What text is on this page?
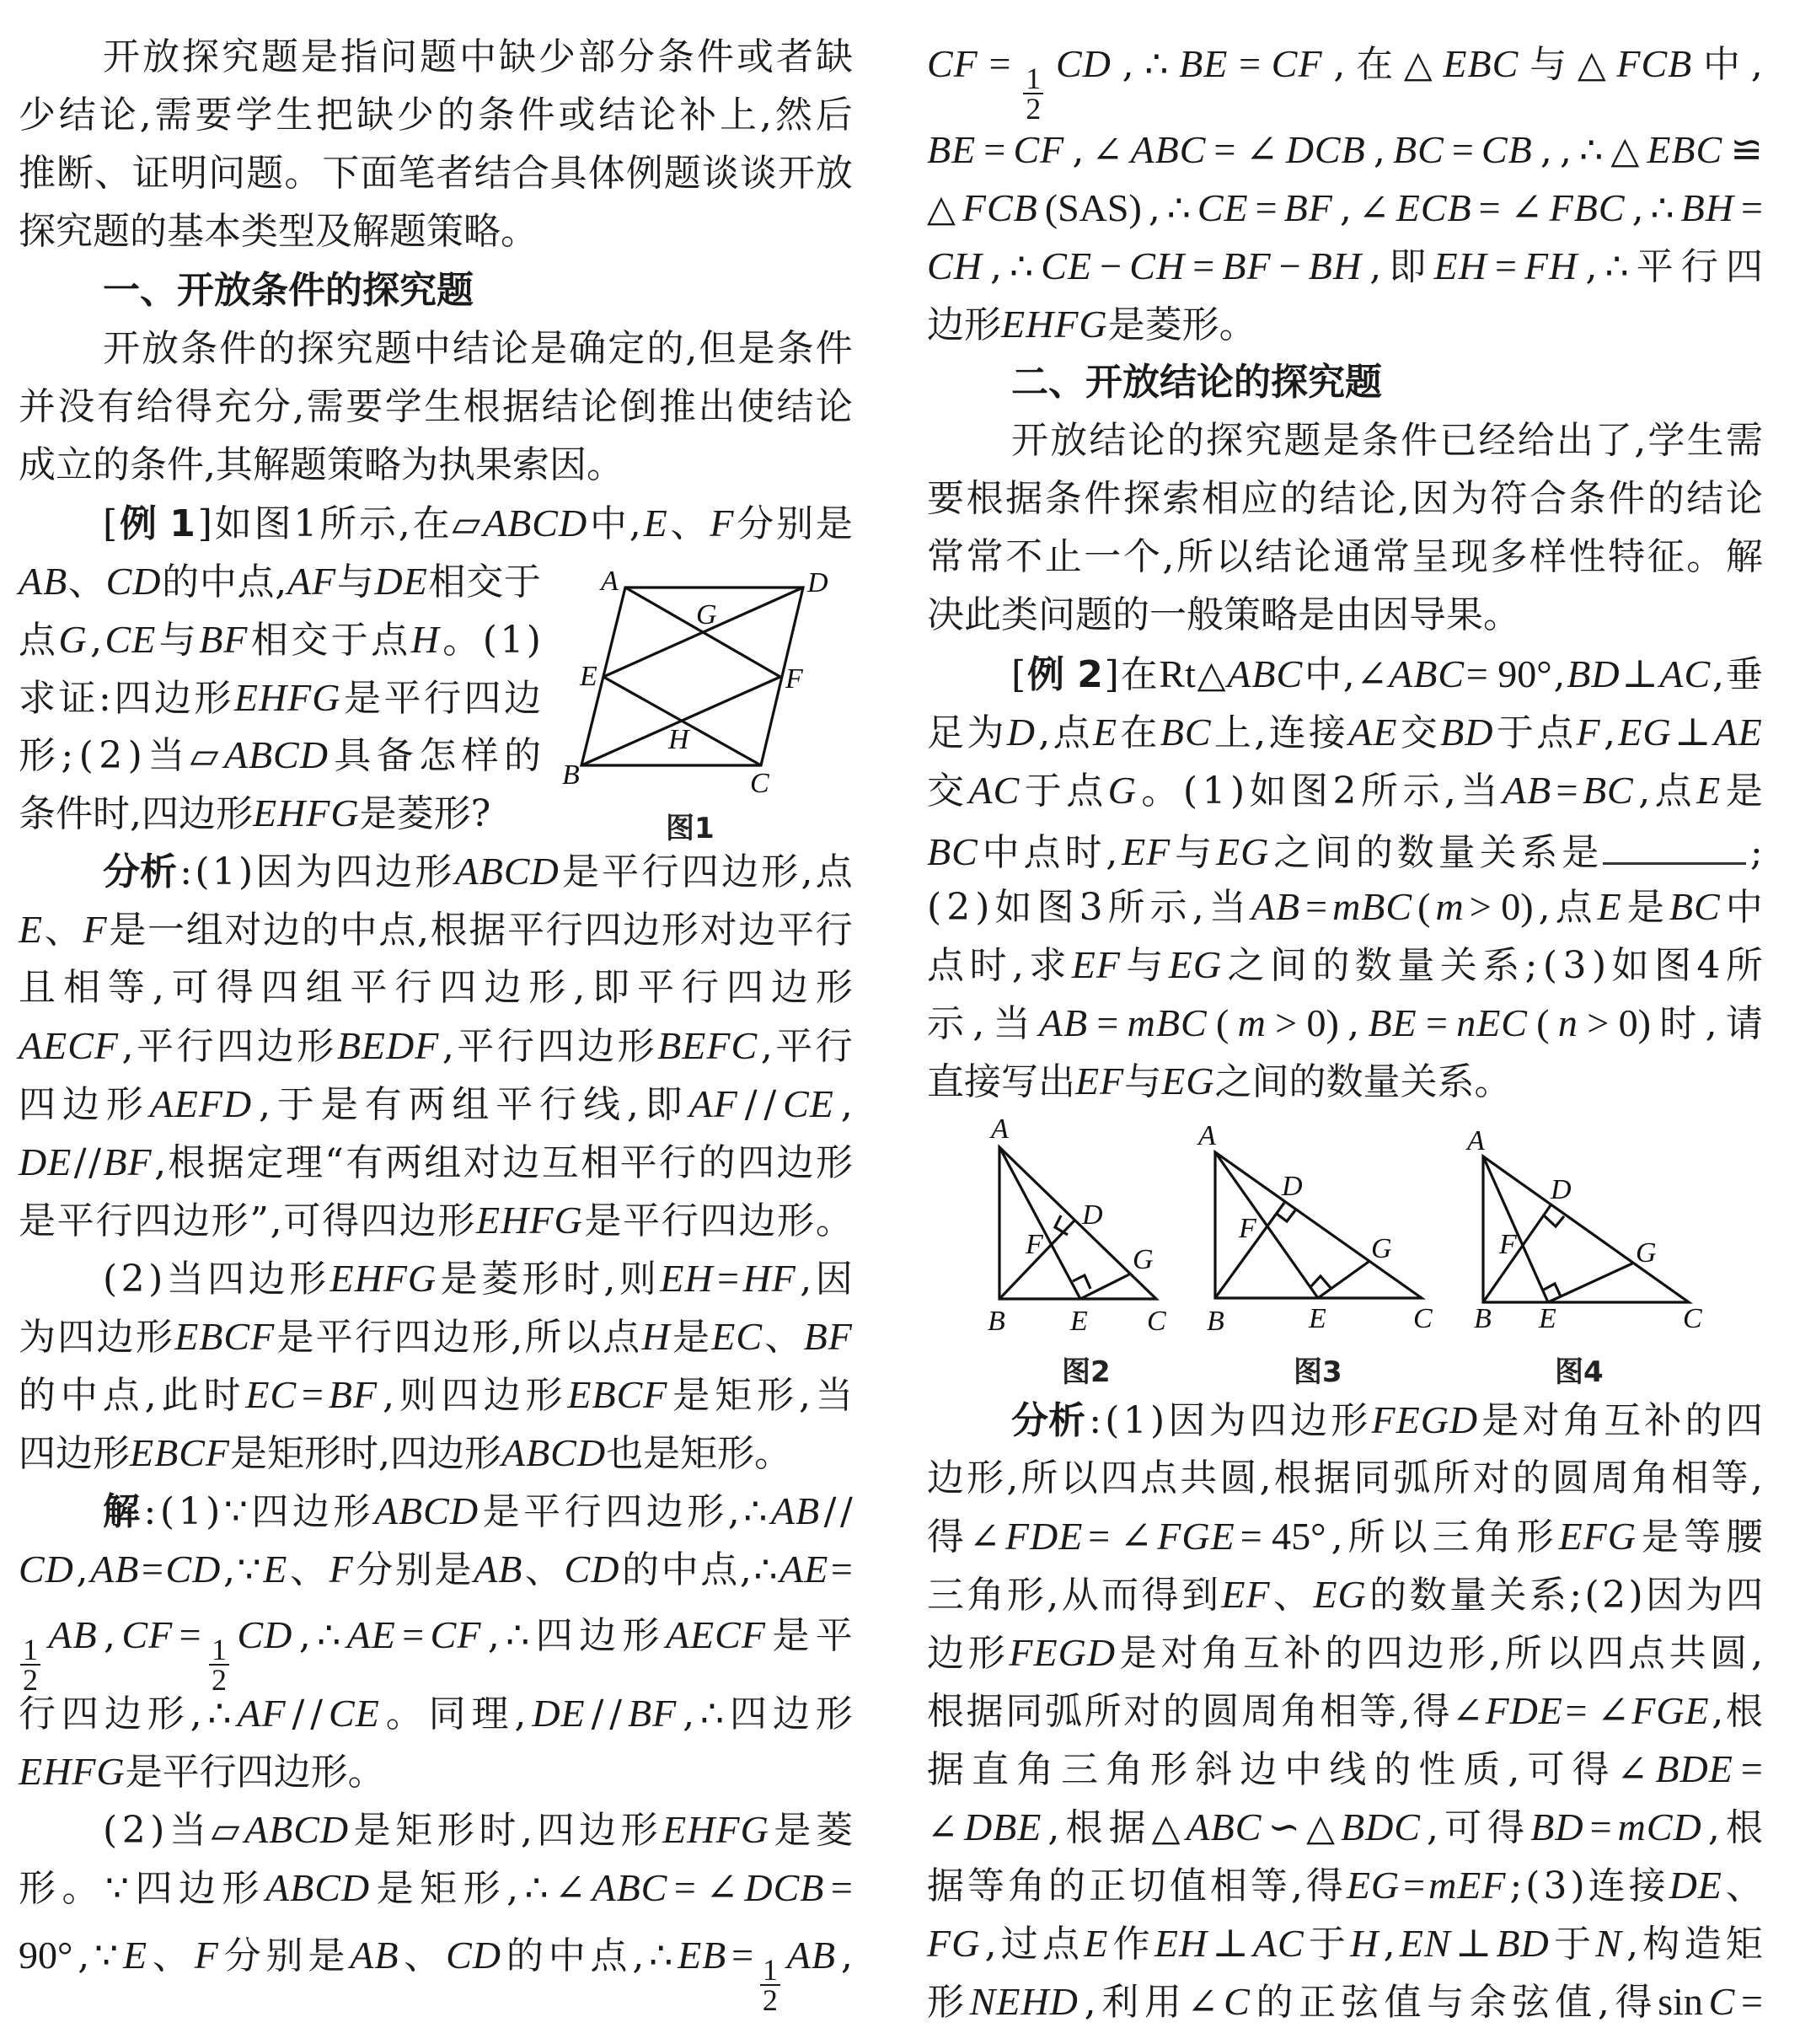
开 放 探 究 题 是 指 问 题 中 缺 少 部 分 条 件 或 者 缺
少 结 论 , 需 要 学 生 把 缺 少 的 条 件 或 结 论 补 上 , 然 后
推 断 、 证 明 问 题 。 下 面 笔 者 结 合 具 体 例 题 谈 谈 开 放
探究题的基本类型及解题策略。
一、开放条件的探究题
开 放 条 件 的 探 究 题 中 结 论 是 确 定 的 , 但 是 条 件
并 没 有 给 得 充 分 , 需 要 学 生 根 据 结 论 倒 推 出 使 结 论
成立的条件,其解题策略为执果索因。
[ 例 1 ] 如 图 1 所 示 , 在 ▱ ABCD 中 , E 、 F 分 别 是
AB 、 CD 的 中 点 , AF 与 DE 相 交 于
点 G , CE 与 BF 相 交 于 点 H 。 ( 1 )
求 证 : 四 边 形 EHFG 是 平 行 四 边
形 ; ( 2 ) 当 ▱ ABCD 具 备 怎 样 的
条件时,四边形 EHFG 是菱形?
分析 : ( 1 ) 因 为 四 边 形 ABCD 是 平 行 四 边 形 , 点
E 、 F 是 一 组 对 边 的 中 点 , 根 据 平 行 四 边 形 对 边 平 行
且 相 等 , 可 得 四 组 平 行 四 边 形 , 即 平 行 四 边 形
AECF , 平 行 四 边 形 BEDF , 平 行 四 边 形 BEFC , 平 行
四 边 形 AEFD , 于 是 有 两 组 平 行 线 , 即 AF / / CE ,
DE / / BF , 根 据 定 理 “ 有 两 组 对 边 互 相 平 行 的 四 边 形
是 平 行 四 边 形 ” , 可 得 四 边 形 EHFG 是 平 行 四 边 形 。
( 2 ) 当 四 边 形 EHFG 是 菱 形 时 , 则 EH = HF , 因
为 四 边 形 EBCF 是 平 行 四 边 形 , 所 以 点 H 是 EC 、 BF
的 中 点 , 此 时 EC = BF , 则 四 边 形 EBCF 是 矩 形 , 当
四边形 EBCF 是矩形时,四边形 ABCD 也是矩形。
解 : ( 1 ) ∵ 四 边 形 ABCD 是 平 行 四 边 形 , ∴ AB / /
CD , AB = CD , ∵ E 、 F 分 别 是 AB 、 CD 的 中 点 , ∴ AE =
$\frac{1}{2}$
AB , CF =
$\frac{1}{2}$
CD , ∴ AE = CF , ∴ 四 边 形 AECF 是 平
行 四 边 形 , ∴ AF / / CE 。 同 理 , DE / / BF , ∴ 四 边 形
EHFG 是平行四边形。
( 2 ) 当 ▱ ABCD 是 矩 形 时 , 四 边 形 EHFG 是 菱
形 。 ∵ 四 边 形 ABCD 是 矩 形 , ∴ ∠ ABC = ∠ DCB =
90° , ∵ E 、 F 分 别 是 AB 、 CD 的 中 点 , ∴ EB =
$\frac{1}{2}$
AB ,
CF =
$\frac{1}{2}$
CD , ∴ BE = CF , 在 △ EBC 与 △ FCB 中 ,
BE = CF , ∠ ABC = ∠ DCB , BC = CB , , ∴ △ EBC ≌
△ FCB (SAS) , ∴ CE = BF , ∠ ECB = ∠ FBC , ∴ BH =
CH , ∴ CE − CH = BF − BH , 即 EH = FH , ∴ 平 行 四
边形 EHFG 是菱形。
二、开放结论的探究题
开 放 结 论 的 探 究 题 是 条 件 已 经 给 出 了 , 学 生 需
要 根 据 条 件 探 索 相 应 的 结 论 , 因 为 符 合 条 件 的 结 论
常 常 不 止 一 个 , 所 以 结 论 通 常 呈 现 多 样 性 特 征 。 解
决此类问题的一般策略是由因导果。
[ 例 2 ] 在 Rt △ ABC 中 , ∠ ABC = 90° , BD ⊥ AC , 垂
足 为 D , 点 E 在 BC 上 , 连 接 AE 交 BD 于 点 F , EG ⊥ AE
交 AC 于 点 G 。 ( 1 ) 如 图 2 所 示 , 当 AB = BC , 点 E 是
BC 中 点 时 , EF 与 EG 之 间 的 数 量 关 系 是	;
( 2 ) 如 图 3 所 示 , 当 AB = mBC ( m > 0) , 点 E 是 BC 中
点 时 , 求 EF 与 EG 之 间 的 数 量 关 系 ; ( 3 ) 如 图 4 所
示 , 当 AB = mBC ( m > 0) , BE = nEC ( n > 0) 时 , 请
直接写出 EF 与 EG 之间的数量关系。
分析 : ( 1 ) 因 为 四 边 形 FEGD 是 对 角 互 补 的 四
边 形 , 所 以 四 点 共 圆 , 根 据 同 弧 所 对 的 圆 周 角 相 等 ,
得 ∠ FDE = ∠ FGE = 45° , 所 以 三 角 形 EFG 是 等 腰
三 角 形 , 从 而 得 到 EF 、 EG 的 数 量 关 系 ; ( 2 ) 因 为 四
边 形 FEGD 是 对 角 互 补 的 四 边 形 , 所 以 四 点 共 圆 ,
根 据 同 弧 所 对 的 圆 周 角 相 等 , 得 ∠ FDE = ∠ FGE , 根
据 直 角 三 角 形 斜 边 中 线 的 性 质 , 可 得 ∠ BDE =
∠ DBE , 根 据 △ ABC ∽ △ BDC , 可 得 BD = mCD , 根
据 等 角 的 正 切 值 相 等 , 得 EG = mEF ; ( 3 ) 连 接 DE 、
FG , 过 点 E 作 EH ⊥ AC 于 H , EN ⊥ BD 于 N , 构 造 矩
形 NEHD , 利 用 ∠ C 的 正 弦 值 与 余 弦 值 , 得 sin C =
A	D
G
E	F
H
B	C
A
D
F	G
B E C
A
D
F
G
B	E	C
A
D
F	G
B E	C
图1
图2	图3	图4
